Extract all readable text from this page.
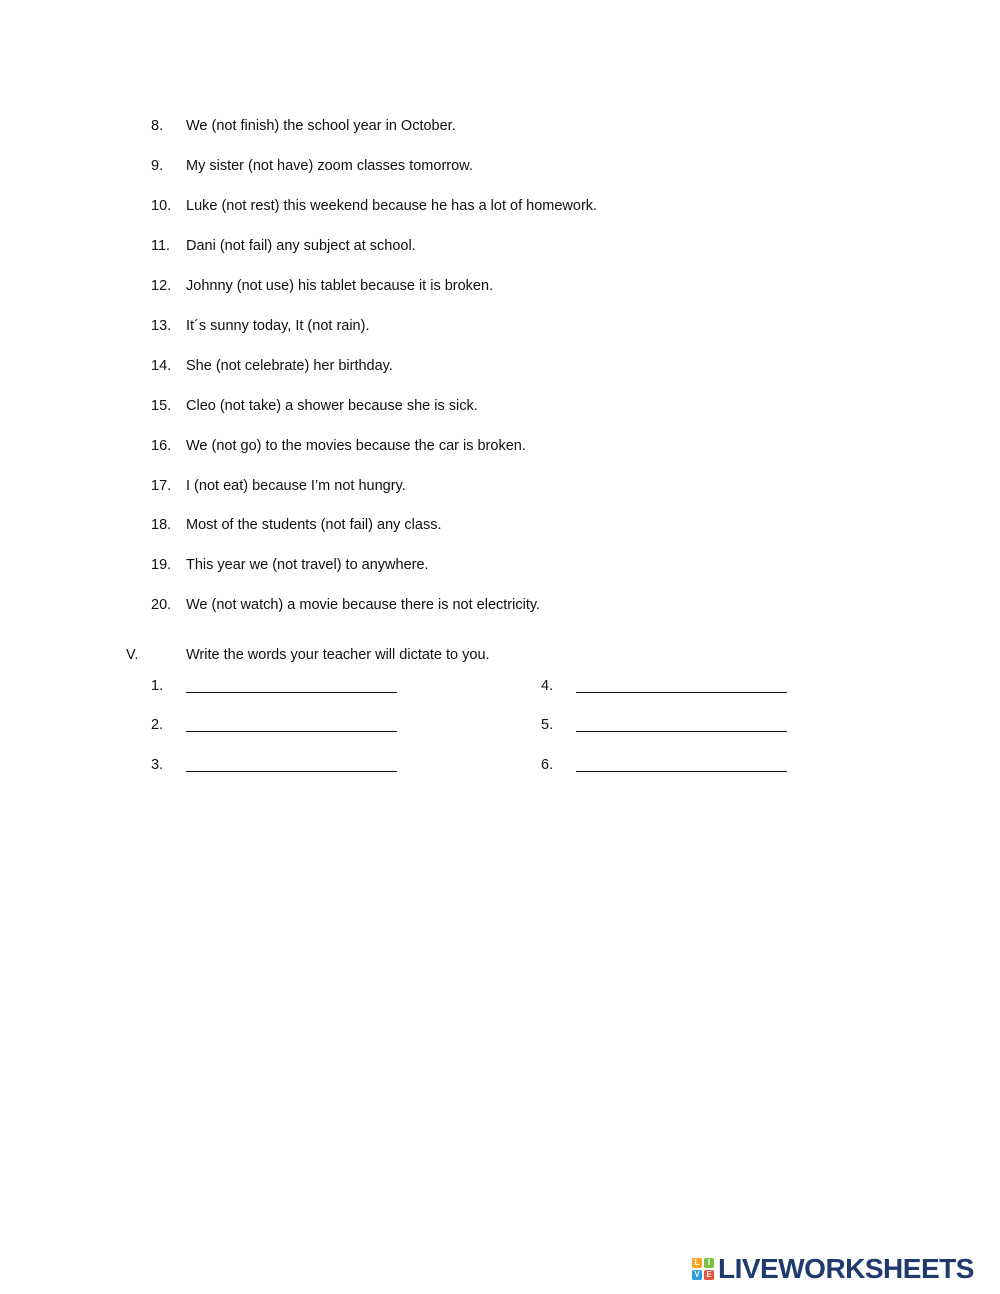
8. We (not finish) the school year in October.
9. My sister (not have) zoom classes tomorrow.
10. Luke (not rest) this weekend because he has a lot of homework.
11. Dani (not fail) any subject at school.
12. Johnny (not use) his tablet because it is broken.
13. It´s sunny today, It (not rain).
14. She (not celebrate) her birthday.
15. Cleo (not take) a shower because she is sick.
16. We (not go) to the movies because the car is broken.
17. I (not eat) because I’m not hungry.
18. Most of the students (not fail) any class.
19. This year we (not travel) to anywhere.
20. We (not watch) a movie because there is not electricity.
V.	Write the words your teacher will dictate to you.
1.
2.
3.
4.
5.
6.
L	I
V E LIVEWORKSHEETS
